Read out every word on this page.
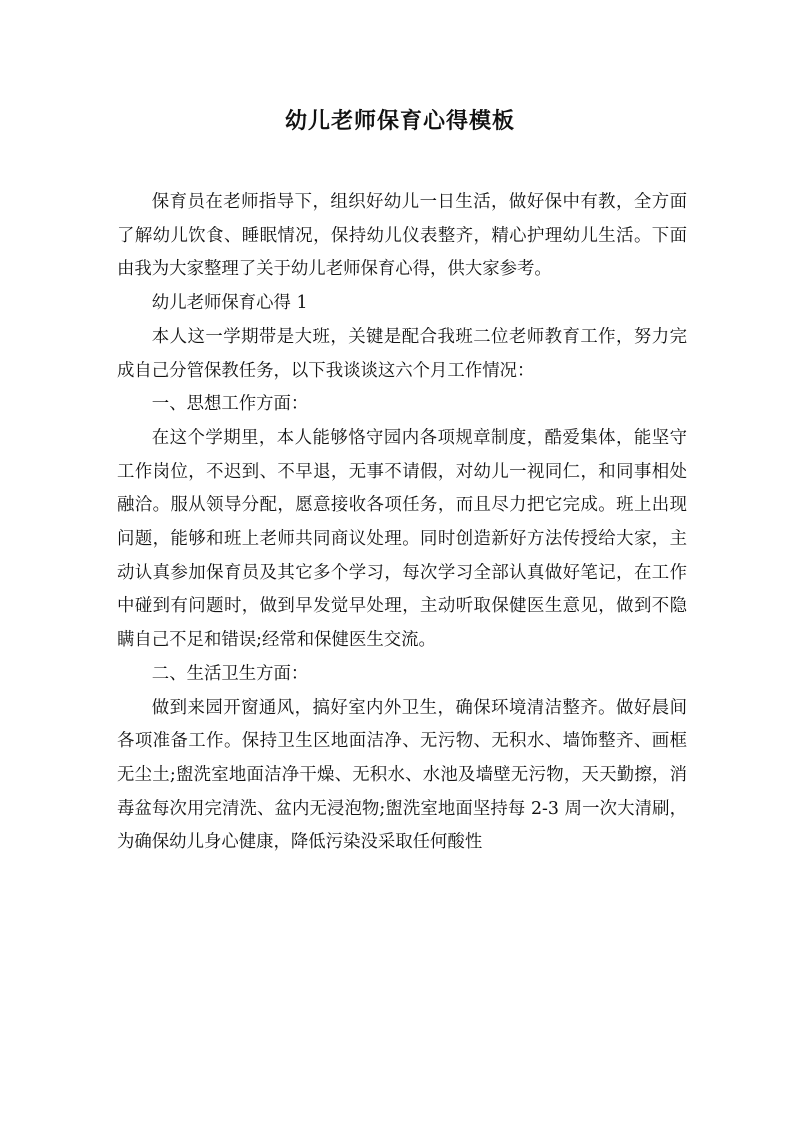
幼儿老师保育心得模板

保育员在老师指导下，组织好幼儿一日生活，做好保中有教，全方面了解幼儿饮食、睡眠情况，保持幼儿仪表整齐，精心护理幼儿生活。下面由我为大家整理了关于幼儿老师保育心得，供大家参考。

幼儿老师保育心得 1

本人这一学期带是大班，关键是配合我班二位老师教育工作，努力完成自己分管保教任务，以下我谈谈这六个月工作情况：

一、思想工作方面：

在这个学期里，本人能够恪守园内各项规章制度，酷爱集体，能坚守工作岗位，不迟到、不早退，无事不请假，对幼儿一视同仁，和同事相处融洽。服从领导分配，愿意接收各项任务，而且尽力把它完成。班上出现问题，能够和班上老师共同商议处理。同时创造新好方法传授给大家，主动认真参加保育员及其它多个学习，每次学习全部认真做好笔记，在工作中碰到有问题时，做到早发觉早处理，主动听取保健医生意见，做到不隐瞒自己不足和错误;经常和保健医生交流。

二、生活卫生方面：

做到来园开窗通风，搞好室内外卫生，确保环境清洁整齐。做好晨间各项准备工作。保持卫生区地面洁净、无污物、无积水、墙饰整齐、画框无尘土;盥洗室地面洁净干燥、无积水、水池及墙壁无污物，天天勤擦，消毒盆每次用完清洗、盆内无浸泡物;盥洗室地面坚持每 2-3 周一次大清刷，为确保幼儿身心健康，降低污染没采取任何酸性
